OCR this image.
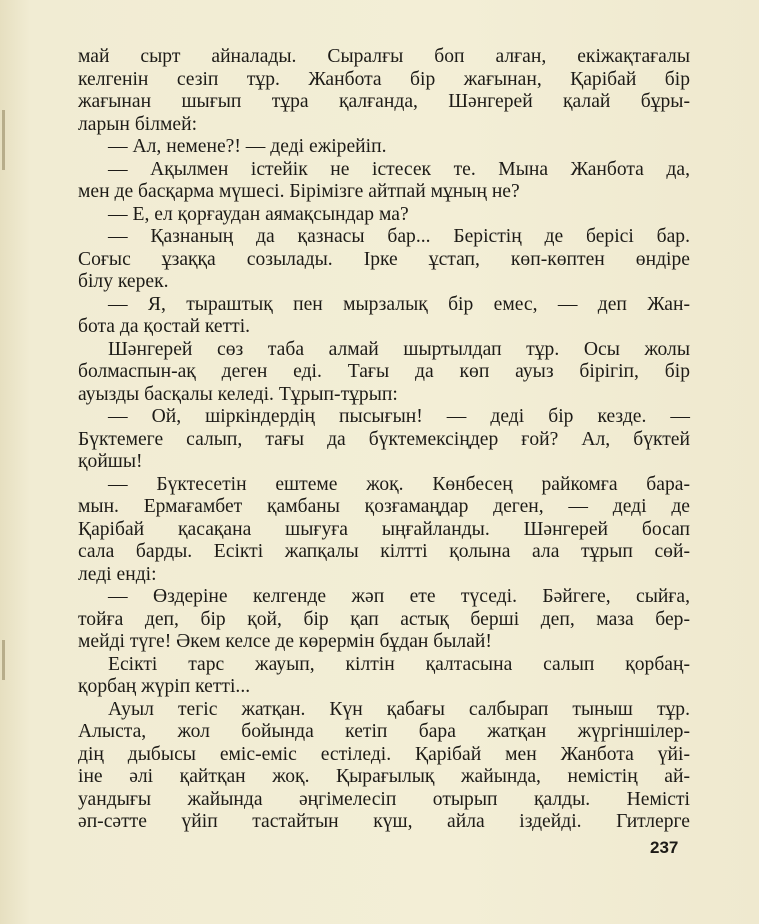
май сырт айналады. Сыралғы боп алған, екіжақтағалы
келгенін сезіп тұр. Жанбота бір жағынан, Қарібай бір
жағынан шығып тұра қалғанда, Шәнгерей қалай бұры-
ларын білмей:
— Ал, немене?! — деді ежірейіп.
— Ақылмен істейік не істесек те. Мына Жанбота да,
мен де басқарма мүшесі. Бірімізге айтпай мұның не?
— Е, ел қорғаудан аямақсындар ма?
— Қазнаның да қазнасы бар... Берістің де берісі бар.
Соғыс ұзаққа созылады. Ірке ұстап, көп-көптен өндіре
білу керек.
— Я, тыраштық пен мырзалық бір емес, — деп Жан-
бота да қостай кетті.
Шәнгерей сөз таба алмай шыртылдап тұр. Осы жолы
болмаспын-ақ деген еді. Тағы да көп ауыз бірігіп, бір
ауызды басқалы келеді. Тұрып-тұрып:
— Ой, шіркіндердің пысығын! — деді бір кезде. —
Бүктемеге салып, тағы да бүктемексіңдер ғой? Ал, бүктей
қойшы!
— Бүктесетін ештеме жоқ. Көнбесең райкомға бара-
мын. Ермағамбет қамбаны қозғамаңдар деген, — деді де
Қарібай қасақана шығуға ыңғайланды. Шәнгерей босап
сала барды. Есікті жапқалы кілтті қолына ала тұрып сөй-
леді енді:
— Өздеріне келгенде жәп ете түседі. Бәйгеге, сыйға,
тойға деп, бір қой, бір қап астық берші деп, маза бер-
мейді түге! Әкем келсе де көрермін бұдан былай!
Есікті тарс жауып, кілтін қалтасына салып қорбаң-
қорбаң жүріп кетті...
Ауыл тегіс жатқан. Күн қабағы салбырап тыныш тұр.
Алыста, жол бойында кетіп бара жатқан жүргіншілер-
дің дыбысы еміс-еміс естіледі. Қарібай мен Жанбота үйі-
іне әлі қайтқан жоқ. Қырағылық жайында, немістің ай-
уандығы жайында әңгімелесіп отырып қалды. Немісті
әп-сәтте үйіп тастайтын күш, айла іздейді. Гитлерге
237
